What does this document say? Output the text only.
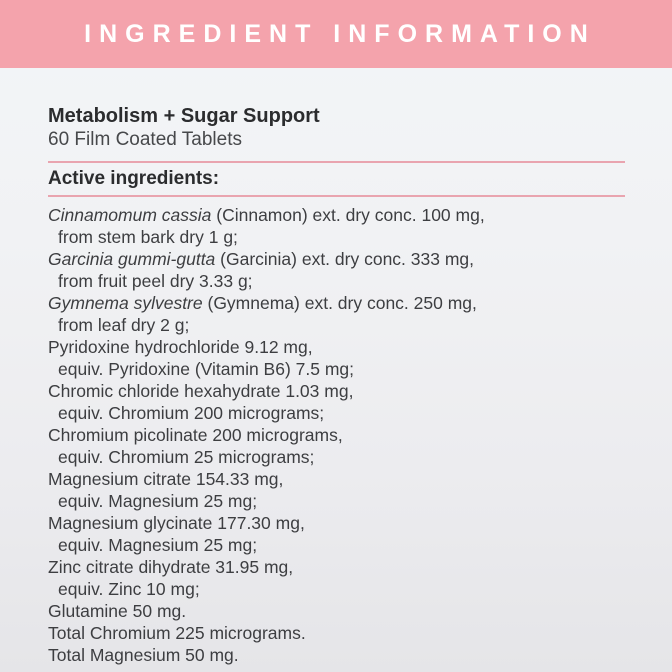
INGREDIENT INFORMATION
Metabolism + Sugar Support
60 Film Coated Tablets
Active ingredients:
Cinnamomum cassia (Cinnamon) ext. dry conc. 100 mg,
from stem bark dry 1 g;
Garcinia gummi-gutta (Garcinia) ext. dry conc. 333 mg,
from fruit peel dry 3.33 g;
Gymnema sylvestre (Gymnema) ext. dry conc. 250 mg,
from leaf dry 2 g;
Pyridoxine hydrochloride 9.12 mg,
equiv. Pyridoxine (Vitamin B6) 7.5 mg;
Chromic chloride hexahydrate 1.03 mg,
equiv. Chromium 200 micrograms;
Chromium picolinate 200 micrograms,
equiv. Chromium 25 micrograms;
Magnesium citrate 154.33 mg,
equiv. Magnesium 25 mg;
Magnesium glycinate 177.30 mg,
equiv. Magnesium 25 mg;
Zinc citrate dihydrate 31.95 mg,
equiv. Zinc 10 mg;
Glutamine 50 mg.
Total Chromium 225 micrograms.
Total Magnesium 50 mg.
